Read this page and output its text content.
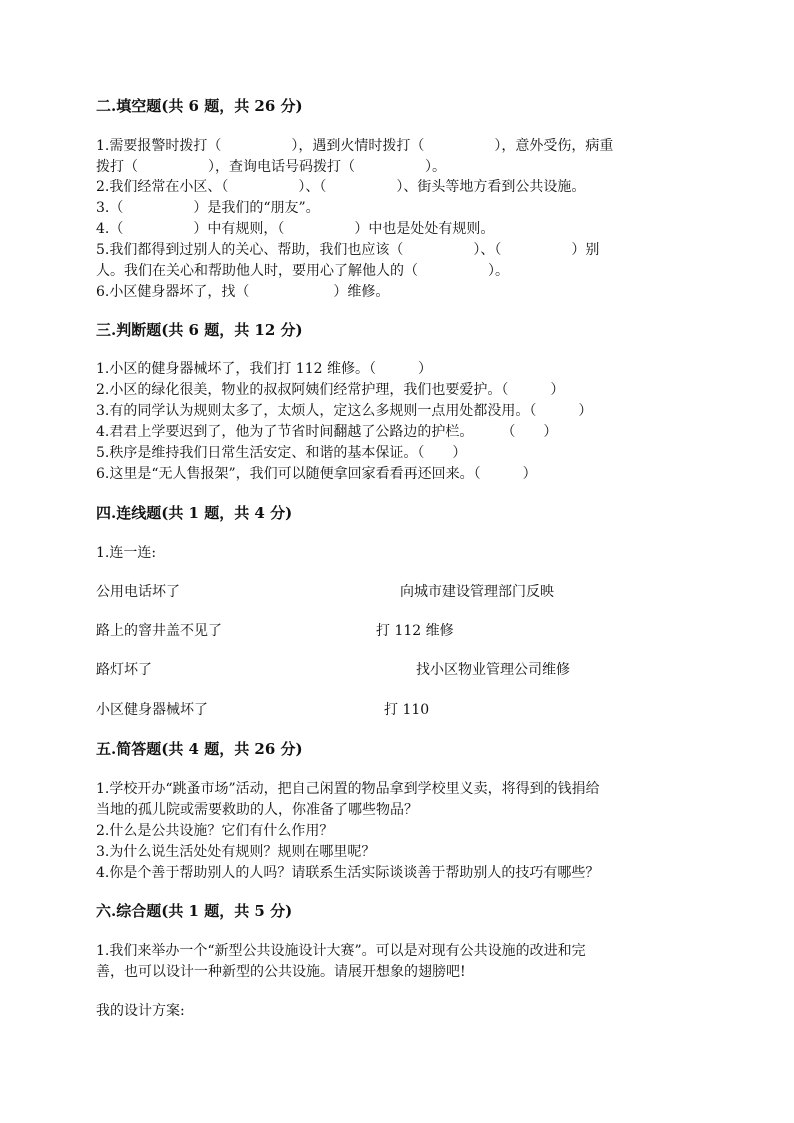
二.填空题(共 6 题，共 26 分)
1.需要报警时拨打（　　　　　），遇到火情时拨打（　　　　　），意外受伤，病重
拨打（　　　　　），查询电话号码拨打（　　　　　）。
2.我们经常在小区、（　　　　　）、（　　　　　）、街头等地方看到公共设施。
3.（　　　　　）是我们的“朋友”。
4.（　　　　　）中有规则，（　　　　　）中也是处处有规则。
5.我们都得到过别人的关心、帮助，我们也应该（　　　　　）、（　　　　　）别
人。我们在关心和帮助他人时，要用心了解他人的（　　　　　）。
6.小区健身器坏了，找（　　　　　　）维修。
三.判断题(共 6 题，共 12 分)
1.小区的健身器械坏了，我们打 112 维修。（　　　）
2.小区的绿化很美，物业的叔叔阿姨们经常护理，我们也要爱护。（　　　）
3.有的同学认为规则太多了，太烦人，定这么多规则一点用处都没用。（　　　）
4.君君上学要迟到了，他为了节省时间翻越了公路边的护栏。　　　（　　）
5.秩序是维持我们日常生活安定、和谐的基本保证。（　　）
6.这里是“无人售报架”，我们可以随便拿回家看看再还回来。（　　　）
四.连线题(共 1 题，共 4 分)
1.连一连:
公用电话坏了	向城市建设管理部门反映
路上的窨井盖不见了	打 112 维修
路灯坏了	找小区物业管理公司维修
小区健身器械坏了	打 110
五.简答题(共 4 题，共 26 分)
1.学校开办“跳蚤市场”活动，把自己闲置的物品拿到学校里义卖，将得到的钱捐给
当地的孤儿院或需要救助的人，你准备了哪些物品？
2.什么是公共设施？它们有什么作用？
3.为什么说生活处处有规则？规则在哪里呢？
4.你是个善于帮助别人的人吗？请联系生活实际谈谈善于帮助别人的技巧有哪些？
六.综合题(共 1 题，共 5 分)
1.我们来举办一个“新型公共设施设计大赛”。可以是对现有公共设施的改进和完
善，也可以设计一种新型的公共设施。请展开想象的翅膀吧!
我的设计方案:
